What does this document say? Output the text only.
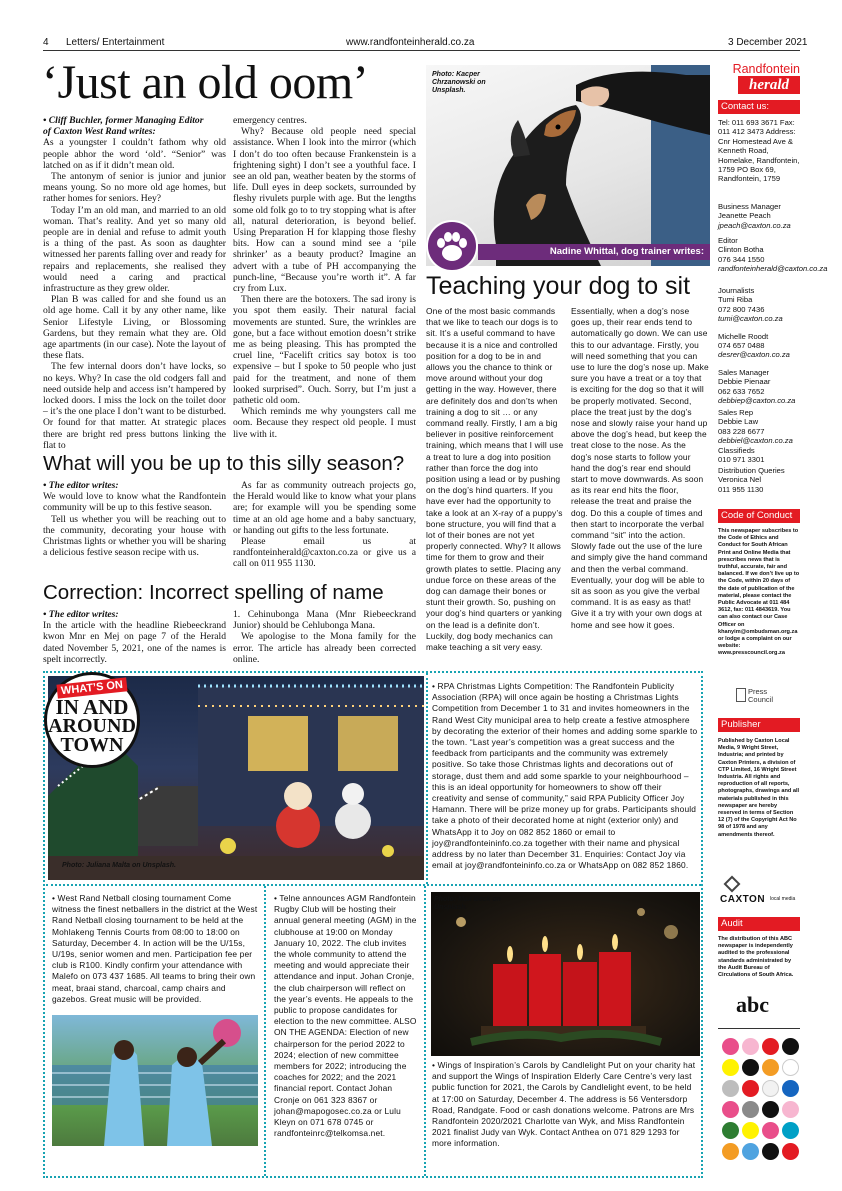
4 Letters/ Entertainment	www.randfonteinherald.co.za	3 December 2021
‘Just an old oom’

• Cliff Buchler, former Managing Editor

of Caxton West Rand writes:

As a youngster I couldn’t fathom why old people abhor the word ‘old’. “Senior” was latched on as if it didn’t mean old.

The antonym of senior is junior and junior means young. So no more old age homes, but rather homes for seniors. Hey?

Today I’m an old man, and married to an old woman. That’s reality. And yet so many old people are in denial and refuse to admit youth is a thing of the past. As soon as daughter witnessed her parents falling over and ready for repairs and replacements, she realised they would need a caring and practical infrastructure as they grew older.

Plan B was called for and she found us an old age home. Call it by any other name, like Senior Lifestyle Living, or Blossoming Gardens, but they remain what they are. Old age apartments (in our case). Note the layout of these flats.

The few internal doors don’t have locks, so no keys. Why? In case the old codgers fall and need outside help and access isn’t hampered by locked doors. I miss the lock on the toilet door – it’s the one place I don’t want to be disturbed. Or found for that matter. At strategic places there are bright red press buttons linking the flat to

emergency centres.

Why? Because old people need special assistance. When I look into the mirror (which I don’t do too often because Frankenstein is a frightening sight) I don’t see a youthful face. I see an old pan, weather beaten by the storms of life. Dull eyes in deep sockets, surrounded by fleshy rivulets purple with age. But the lengths some old folk go to to try stopping what is after all, natural deterioration, is beyond belief. Using Preparation H for klapping those fleshy bits. How can a sound mind see a ‘pile shrinker’ as a beauty product? Imagine an advert with a tube of PH accompanying the punch-line, “Because you’re worth it”. A far cry from Lux.

Then there are the botoxers. The sad irony is you spot them easily. Their natural facial movements are stunted. Sure, the wrinkles are gone, but a face without emotion doesn’t strike me as being pleasing. This has prompted the cruel line, “Facelift critics say botox is too expensive – but I spoke to 50 people who just paid for the treatment, and none of them looked surprised”. Ouch. Sorry, but I’m just a pathetic old oom.

Which reminds me why youngsters call me oom. Because they respect old people. I must live with it.

What will you be up to this silly season?

• The editor writes:

We would love to know what the Randfontein community will be up to this festive season.

Tell us whether you will be reaching out to the community, decorating your house with Christmas lights or whether you will be sharing a delicious festive season recipe with us.

As far as community outreach projects go, the Herald would like to know what your plans are; for example will you be spending some time at an old age home and a baby sanctuary, or handing out gifts to the less fortunate.

Please email us at randfonteinherald@caxton.co.za or give us a call on 011 955 1130.

Correction: Incorrect spelling of name

• The editor writes:

In the article with the headline Riebeeckrand kwon Mnr en Mej on page 7 of the Herald dated November 5, 2021, one of the names is spelt incorrectly.

1. Cehinubonga Mana (Mnr Riebeeckrand Junior) should be Cehlubonga Mana.

We apologise to the Mona family for the error. The article has already been corrected online.

Photo: Kacper Chrzanowski on Unsplash.
Nadine Whittal, dog trainer writes:
Teaching your dog to sit
One of the most basic commands that we like to teach our dogs is to sit. It’s a useful command to have because it is a nice and controlled position for a dog to be in and allows you the chance to think or move around without your dog getting in the way. However, there are definitely dos and don’ts when training a dog to sit … or any command really. Firstly, I am a big believer in positive reinforcement training, which means that I will use a treat to lure a dog into position rather than force the dog into position using a lead or by pushing on the dog’s hind quarters. If you have ever had the opportunity to take a look at an X-ray of a puppy’s bone structure, you will find that a lot of their bones are not yet properly connected. Why? It allows time for them to grow and their growth plates to settle. Placing any undue force on these areas of the dog can damage their bones or stunt their growth. So, pushing on your dog’s hind quarters or yanking on the lead is a definite don’t. Luckily, dog body mechanics can make teaching a sit very easy.
Essentially, when a dog’s nose goes up, their rear ends tend to automatically go down. We can use this to our advantage. Firstly, you will need something that you can use to lure the dog’s nose up. Make sure you have a treat or a toy that is exciting for the dog so that it will be properly motivated. Second, place the treat just by the dog’s nose and slowly raise your hand up above the dog’s head, but keep the treat close to the nose. As the dog’s nose starts to follow your hand the dog’s rear end should start to move downwards. As soon as its rear end hits the floor, release the treat and praise the dog. Do this a couple of times and then start to incorporate the verbal command “sit” into the action. Slowly fade out the use of the lure and simply give the hand command and then the verbal command. Eventually, your dog will be able to sit as soon as you give the verbal command. It is as easy as that! Give it a try with your own dogs at home and see how it goes.
Photo: Juliana Malta on Unsplash.
WHAT’S ON
IN AND
AROUND
TOWN
• RPA Christmas Lights Competition: The Randfontein Publicity Association (RPA) will once again be hosting a Christmas Lights Competition from December 1 to 31 and invites homeowners in the Rand West City municipal area to help create a festive atmosphere by decorating the exterior of their homes and adding some sparkle to the town. “Last year’s competition was a great success and the feedback from participants and the community was extremely positive. So take those Christmas lights and decorations out of storage, dust them and add some sparkle to your neighbourhood – this is an ideal opportunity for homeowners to show off their creativity and sense of community,” said RPA Publicity Officer Joy Hamann. There will be prize money up for grabs. Participants should take a photo of their decorated home at night (exterior only) and WhatsApp it to Joy on 082 852 1860 or email to joy@randfonteininfo.co.za together with their name and physical address by no later than December 31. Enquiries: Contact Joy via email at joy@randfonteininfo.co.za or WhatsApp on 082 852 1860.
• West Rand Netball closing tournament Come witness the finest netballers in the district at the West Rand Netball closing tournament to be held at the Mohlakeng Tennis Courts from 08:00 to 18:00 on Saturday, December 4. In action will be the U/15s, U/19s, senior women and men. Participation fee per club is R100. Kindly confirm your attendance with Malefo on 073 437 1685. All teams to bring their own meat, braai stand, charcoal, camp chairs and gazebos. Great music will be provided.
• Telne announces AGM Randfontein Rugby Club will be hosting their annual general meeting (AGM) in the clubhouse at 19:00 on Monday January 10, 2022. The club invites the whole community to attend the meeting and would appreciate their attendance and input. Johan Cronje, the club chairperson will reflect on the year’s events. He appeals to the public to propose candidates for election to the new committee. ALSO ON THE AGENDA: Election of new chairperson for the period 2022 to 2024; election of new committee members for 2022; introducing the coaches for 2022; and the 2021 financial report. Contact Johan Cronje on 061 323 8367 or johan@mapogosec.co.za or Lulu Kleyn on 071 678 0745 or randfonteinrc@telkomsa.net.
Photo: Max Beck on Unsplash.
• Wings of Inspiration’s Carols by Candlelight Put on your charity hat and support the Wings of Inspiration Elderly Care Centre’s very last public function for 2021, the Carols by Candlelight event, to be held at 17:00 on Saturday, December 4. The address is 56 Ventersdorp Road, Randgate. Food or cash donations welcome. Patrons are Mrs Randfontein 2020/2021 Charlotte van Wyk, and Miss Randfontein 2021 finalist Judy van Wyk. Contact Anthea on 071 829 1293 for more information.
Randfontein
herald
Contact us:
Tel: 011 693 3671 Fax: 011 412 3473 Address: Cnr Homestead Ave & Kenneth Road, Homelake, Randfontein, 1759 PO Box 69, Randfontein, 1759
Business Manager
Jeanette Peach
jpeach@caxton.co.za
Editor
Clinton Botha
076 344 1550
randfonteinherald@caxton.co.za
Journalists
Tumi Riba
072 800 7436
tumi@caxton.co.za
Michelle Roodt
074 657 0488
desrer@caxton.co.za
Sales Manager
Debbie Pienaar
062 633 7652
debbiep@caxton.co.za
Sales Rep
Debbie Law
083 228 6677
debbiel@caxton.co.za
Classifieds
010 971 3301
Distribution Queries
Veronica Nel
011 955 1130
Code of Conduct
This newspaper subscribes to the Code of Ethics and Conduct for South African Print and Online Media that prescribes news that is truthful, accurate, fair and balanced. If we don’t live up to the Code, within 20 days of the date of publication of the material, please contact the Public Advocate at 011 484 3612, fax: 011 4843619. You can also contact our Case Officer on khanyim@ombudsman.org.za or lodge a complaint on our website: www.presscouncil.org.za
Press Council
Publisher
Published by Caxton Local Media, 9 Wright Street, Industria; and printed by Caxton Printers, a division of CTP Limited, 16 Wright Street Industria. All rights and reproduction of all reports, photographs, drawings and all materials published in this newspaper are hereby reserved in terms of Section 12 (7) of the Copyright Act No 98 of 1978 and any amendments thereof.
CAXTON local media
Audit
The distribution of this ABC newspaper is independently audited to the professional standards administrated by the Audit Bureau of Circulations of South Africa.
abc
